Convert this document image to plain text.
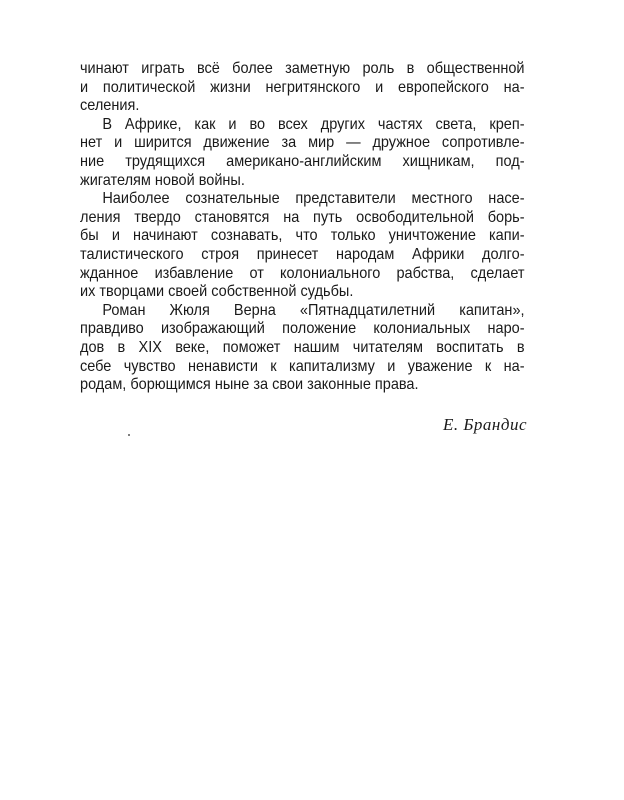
чинают играть всё более заметную роль в общественной
и политической жизни негритянского и европейского на-
селения.
В Африке, как и во всех других частях света, креп-
нет и ширится движение за мир — дружное сопротивле-
ние трудящихся американо-английским хищникам, под-
жигателям новой войны.
Наиболее сознательные представители местного насе-
ления твердо становятся на путь освободительной борь-
бы и начинают сознавать, что только уничтожение капи-
талистического строя принесет народам Африки долго-
жданное избавление от колониального рабства, сделает
их творцами своей собственной судьбы.
Роман Жюля Верна «Пятнадцатилетний капитан»,
правдиво изображающий положение колониальных наро-
дов в XIX веке, поможет нашим читателям воспитать в
себе чувство ненависти к капитализму и уважение к на-
родам, борющимся ныне за свои законные права.
Е. Брандис
